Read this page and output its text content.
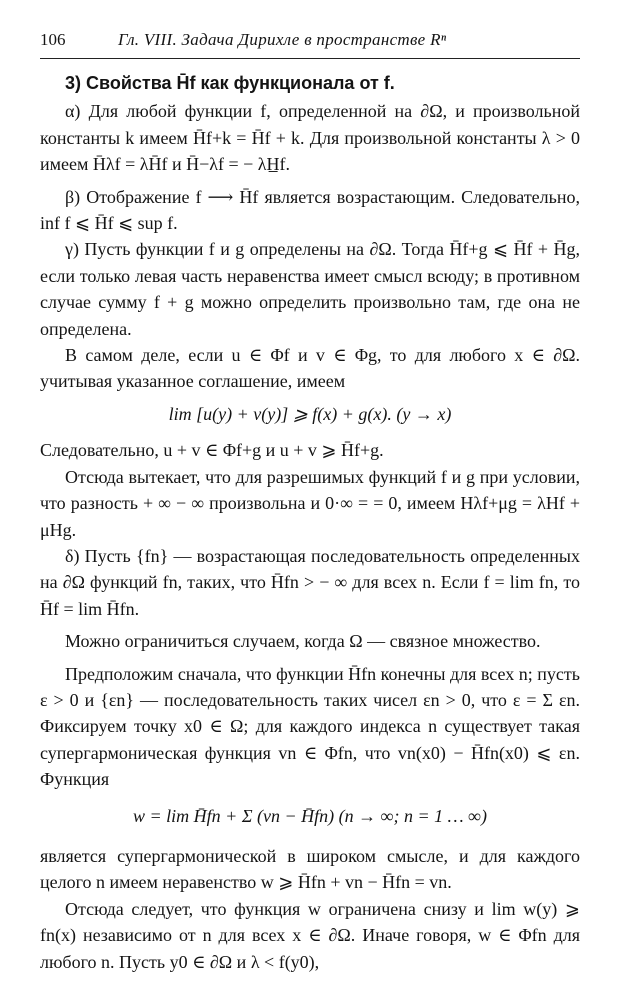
106	Гл. VIII. Задача Дирихле в пространстве Rⁿ

3) Свойства H̄f как функционала от f.

α) Для любой функции f, определенной на ∂Ω, и произвольной константы k имеем H̄f+k = H̄f + k. Для произвольной константы λ > 0 имеем H̄λf = λH̄f и H̄−λf = − λH̲f.

β) Отображение f ⟶ H̄f является возрастающим. Следовательно, inf f ⩽ H̄f ⩽ sup f.

γ) Пусть функции f и g определены на ∂Ω. Тогда H̄f+g ⩽ H̄f + H̄g, если только левая часть неравенства имеет смысл всюду; в противном случае сумму f + g можно определить произвольно там, где она не определена.

В самом деле, если u ∈ Φf и v ∈ Φg, то для любого x ∈ ∂Ω. учитывая указанное соглашение, имеем

lim [u(y) + v(y)] ⩾ f(x) + g(x). (y → x)

Следовательно, u + v ∈ Φf+g и u + v ⩾ H̄f+g.

Отсюда вытекает, что для разрешимых функций f и g при условии, что разность + ∞ − ∞ произвольна и 0·∞ = = 0, имеем Hλf+μg = λHf + μHg.

δ) Пусть {fn} — возрастающая последовательность определенных на ∂Ω функций fn, таких, что H̄fn > − ∞ для всех n. Если f = lim fn, то H̄f = lim H̄fn.

Можно ограничиться случаем, когда Ω — связное множество.

Предположим сначала, что функции H̄fn конечны для всех n; пусть ε > 0 и {εn} — последовательность таких чисел εn > 0, что ε = Σ εn. Фиксируем точку x0 ∈ Ω; для каждого индекса n существует такая супергармоническая функция vn ∈ Φfn, что vn(x0) − H̄fn(x0) ⩽ εn. Функция

w = lim H̄fn + Σ (vn − H̄fn) (n → ∞; n = 1 … ∞)

является супергармонической в широком смысле, и для каждого целого n имеем неравенство w ⩾ H̄fn + vn − H̄fn = vn.

Отсюда следует, что функция w ограничена снизу и lim w(y) ⩾ fn(x) независимо от n для всех x ∈ ∂Ω. Иначе говоря, w ∈ Φfn для любого n. Пусть y0 ∈ ∂Ω и λ < f(y0),
